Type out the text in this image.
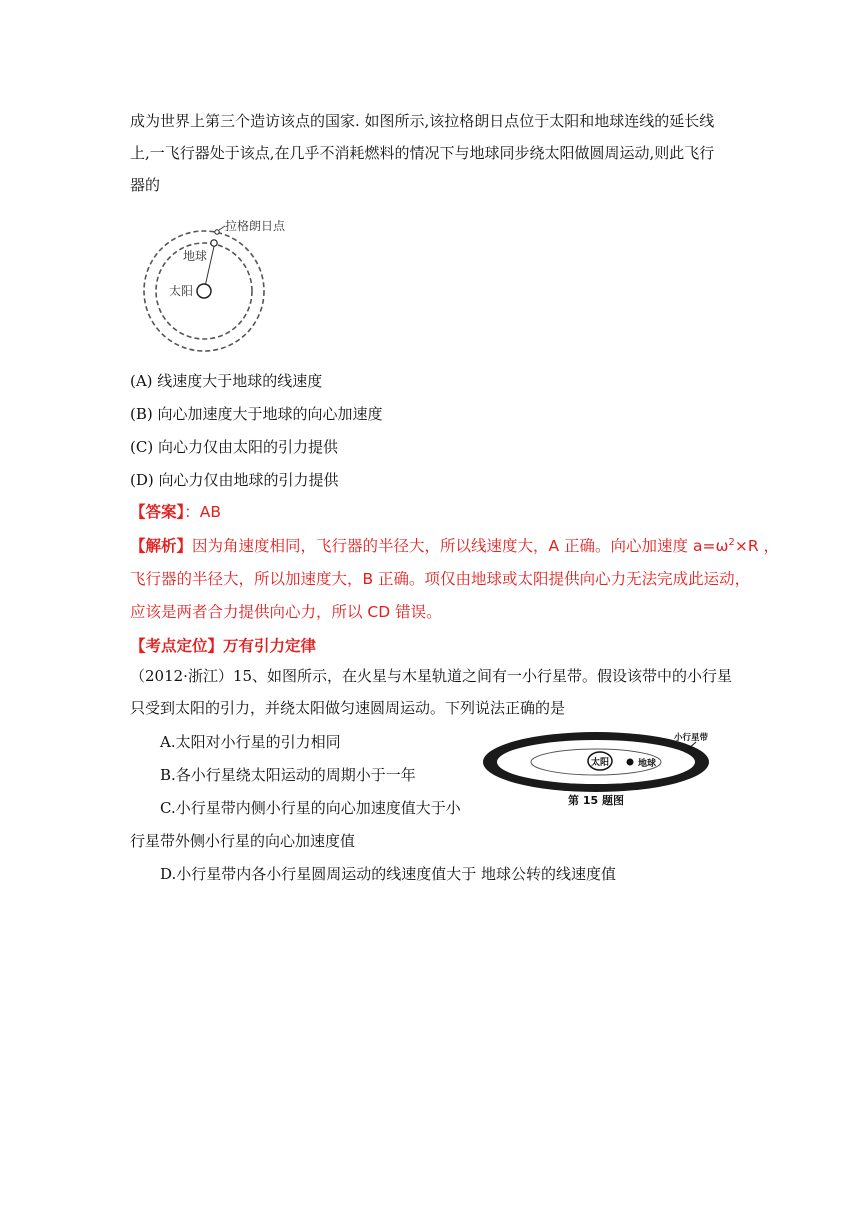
成为世界上第三个造访该点的国家. 如图所示,该拉格朗日点位于太阳和地球连线的延长线
上,一飞行器处于该点,在几乎不消耗燃料的情况下与地球同步绕太阳做圆周运动,则此飞行
器的
拉格朗日点
地球
太阳
(A) 线速度大于地球的线速度
(B) 向心加速度大于地球的向心加速度
(C) 向心力仅由太阳的引力提供
(D) 向心力仅由地球的引力提供
【答案】：AB
【解析】因为角速度相同，飞行器的半径大，所以线速度大，A 正确。向心加速度 $a=\omega^2\times R$ ，
飞行器的半径大，所以加速度大，B 正确。项仅由地球或太阳提供向心力无法完成此运动，
应该是两者合力提供向心力，所以 CD 错误。
【考点定位】万有引力定律
（2012·浙江）15、如图所示，在火星与木星轨道之间有一小行星带。假设该带中的小行星
只受到太阳的引力，并绕太阳做匀速圆周运动。下列说法正确的是
A.太阳对小行星的引力相同
B.各小行星绕太阳运动的周期小于一年
C.小行星带内侧小行星的向心加速度值大于小
行星带外侧小行星的向心加速度值
D.小行星带内各小行星圆周运动的线速度值大于 地球公转的线速度值
太阳	地球
小行星带
第 15 题图
